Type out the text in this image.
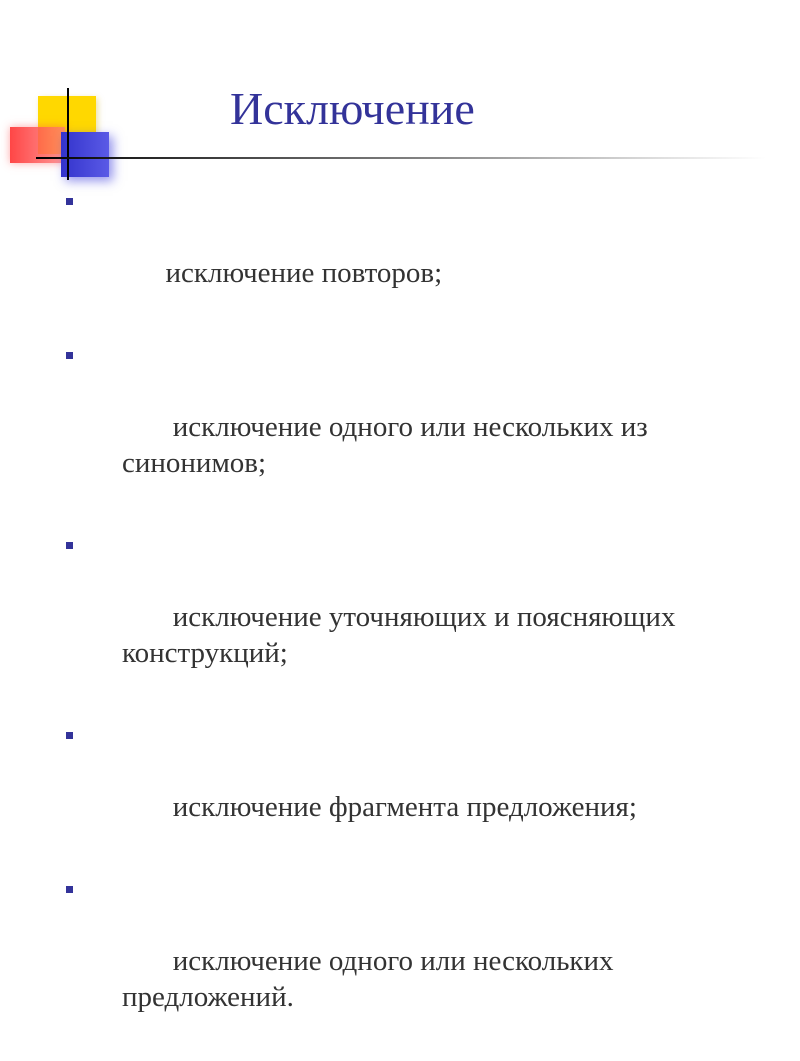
Исключение

исключение повторов;

исключение одного или нескольких из синонимов;

исключение уточняющих и поясняющих конструкций;

исключение фрагмента предложения;

исключение одного или нескольких предложений.
